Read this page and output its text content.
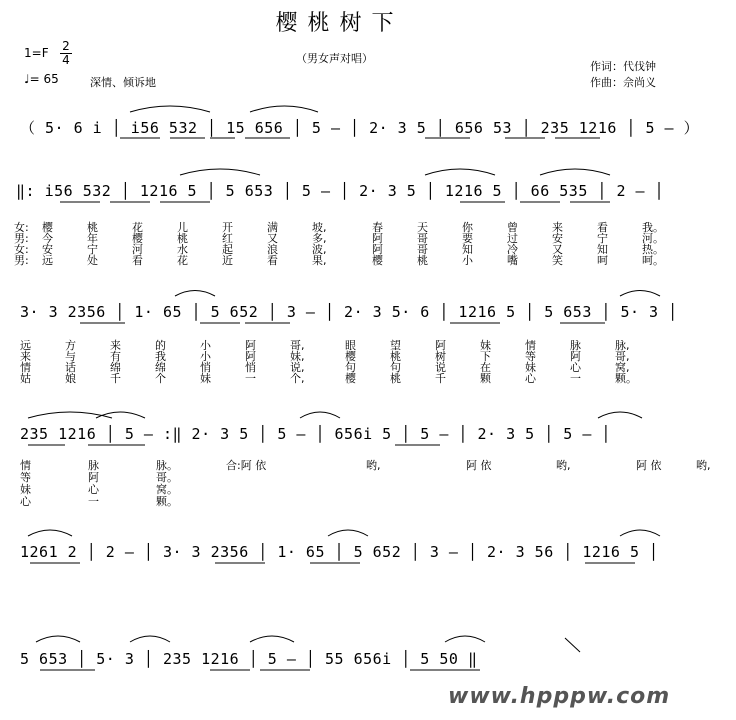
樱桃树下
（男女声对唱）
$1=F \frac{2}{4}$
♩= 65	深情、倾诉地
作词：代伐钟
作曲：佘尚义
（ 5· 6 i │ i56 532 │ 15 656 │ 5 – │ 2· 3 5 │ 656 53 │ 235 1216 │ 5 – ）
‖: i56 532 │ 1216 5 │ 5 653 │ 5 – │ 2· 3 5 │ 1216 5 │ 66 535 │ 2 – │
3· 3 2356 │ 1· 65 │ 5 652 │ 3 – │ 2· 3 5· 6 │ 1216 5 │ 5 653 │ 5· 3 │
235 1216 │ 5 – :‖ 2· 3 5 │ 5 – │ 656i 5 │ 5 – │ 2· 3 5 │ 5 – │
1261 2 │ 2 – │ 3· 3 2356 │ 1· 65 │ 5 652 │ 3 – │ 2· 3 56 │ 1216 5 │
5 653 │ 5· 3 │ 235 1216 │ 5 – │ 55 656i │ 5 50 ‖
女: 樱	桃	花	儿	开	满	坡,	春	天	你	曾	来	看	我。
男: 今	年	樱	桃	红	又	多,	阿	哥	要	过	安	宁	河。
女: 安	宁	河	水	起	浪	波,	阿	哥	知	冷	又	知	热。
男: 远	处	看	花	近	看	果,	樱	桃	小	嘴	笑	呵	呵。
远	方	来	的	小	阿	哥,	眼	望	阿	妹	情	脉	脉,
来	与	有	我	小	阿	妹,	樱	桃	树	下	等	阿	哥,
情	话	绵	绵	悄	悄	说,	句	句	说	在	妹	心	窝,
姑	娘	千	个	妹	一	个,	樱	桃	千	颗	心	一	颗。
情	脉	脉。	合:阿 依	哟,	阿 依	哟,	阿 依	哟,
等	阿	哥。
妹	心	窝。
心	一	颗。
www.hpppw.com
